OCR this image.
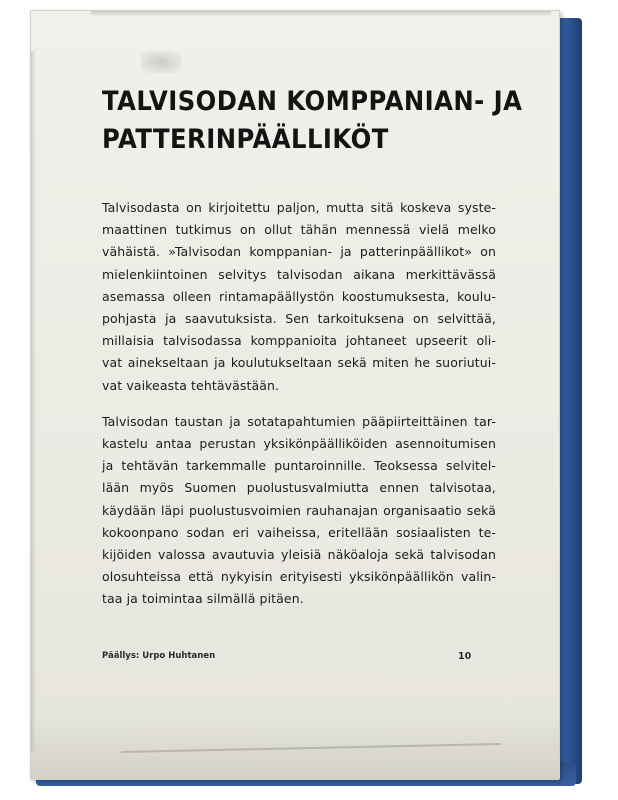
TALVISODAN KOMPPANIAN- JA
PATTERINPÄÄLLIKÖT

Talvisodasta on kirjoitettu paljon, mutta sitä koskeva syste-
maattinen tutkimus on ollut tähän mennessä vielä melko
vähäistä. »Talvisodan komppanian- ja patterinpäällikot» on
mielenkiintoinen selvitys talvisodan aikana merkittävässä
asemassa olleen rintamapäällystön koostumuksesta, koulu-
pohjasta ja saavutuksista. Sen tarkoituksena on selvittää,
millaisia talvisodassa komppanioita johtaneet upseerit oli-
vat ainekseltaan ja koulutukseltaan sekä miten he suoriutui-
vat vaikeasta tehtävästään.

Talvisodan taustan ja sotatapahtumien pääpiirteittäinen tar-
kastelu antaa perustan yksikönpäälliköiden asennoitumisen
ja tehtävän tarkemmalle puntaroinnille. Teoksessa selvitel-
lään myös Suomen puolustusvalmiutta ennen talvisotaa,
käydään läpi puolustusvoimien rauhanajan organisaatio sekä
kokoonpano sodan eri vaiheissa, eritellään sosiaalisten te-
kijöiden valossa avautuvia yleisiä näköaloja sekä talvisodan
olosuhteissa että nykyisin erityisesti yksikönpäällikön valin-
taa ja toimintaa silmällä pitäen.

Päällys: Urpo Huhtanen	10
